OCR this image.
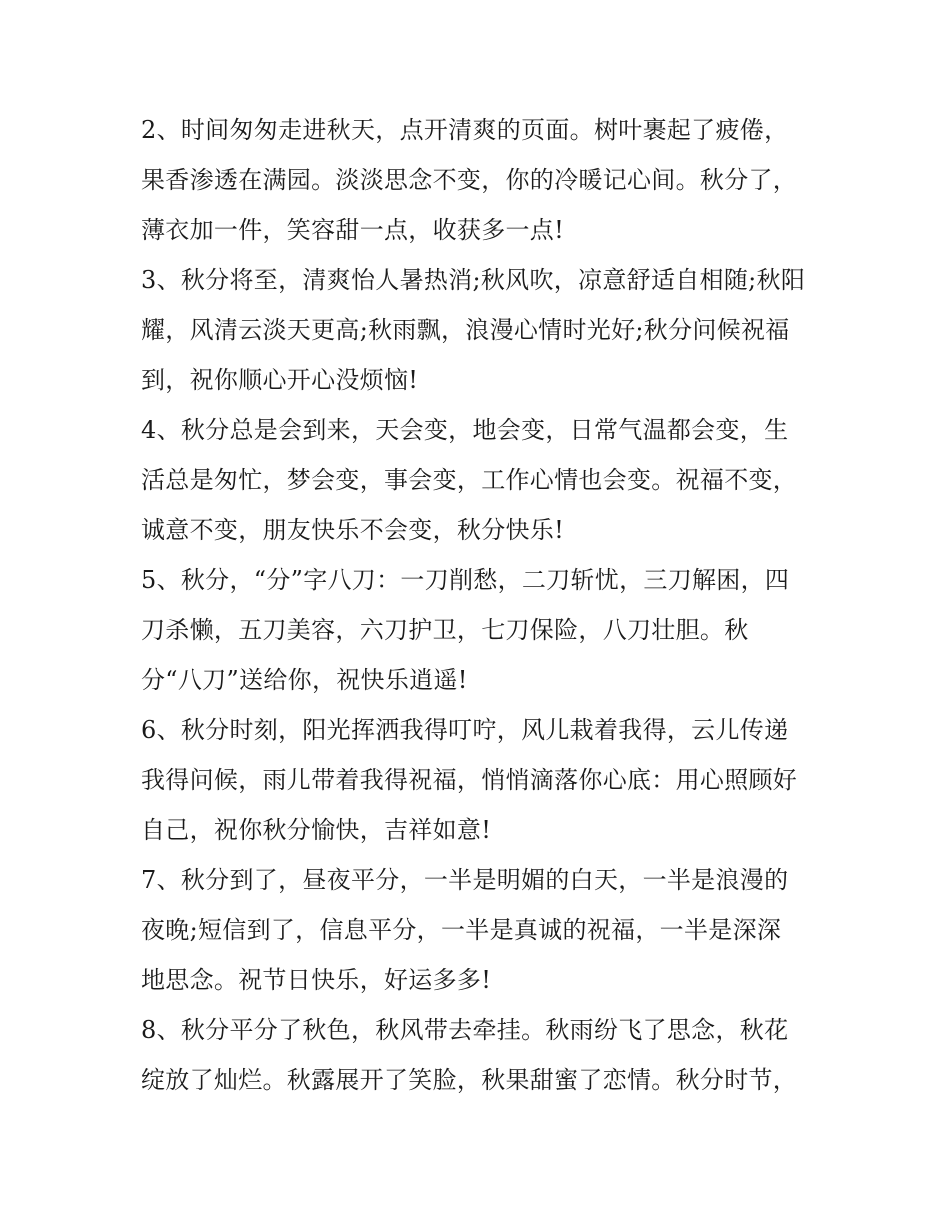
2、时间匆匆走进秋天，点开清爽的页面。树叶裹起了疲倦，

果香渗透在满园。淡淡思念不变，你的冷暖记心间。秋分了，

薄衣加一件，笑容甜一点，收获多一点!

3、秋分将至，清爽怡人暑热消;秋风吹，凉意舒适自相随;秋阳

耀，风清云淡天更高;秋雨飘，浪漫心情时光好;秋分问候祝福

到，祝你顺心开心没烦恼!

4、秋分总是会到来，天会变，地会变，日常气温都会变，生

活总是匆忙，梦会变，事会变，工作心情也会变。祝福不变，

诚意不变，朋友快乐不会变，秋分快乐!

5、秋分，“分”字八刀：一刀削愁，二刀斩忧，三刀解困，四

刀杀懒，五刀美容，六刀护卫，七刀保险，八刀壮胆。秋

分“八刀”送给你，祝快乐逍遥!

6、秋分时刻，阳光挥洒我得叮咛，风儿栽着我得，云儿传递

我得问候，雨儿带着我得祝福，悄悄滴落你心底：用心照顾好

自己，祝你秋分愉快，吉祥如意!

7、秋分到了，昼夜平分，一半是明媚的白天，一半是浪漫的

夜晚;短信到了，信息平分，一半是真诚的祝福，一半是深深

地思念。祝节日快乐，好运多多!

8、秋分平分了秋色，秋风带去牵挂。秋雨纷飞了思念，秋花

绽放了灿烂。秋露展开了笑脸，秋果甜蜜了恋情。秋分时节，
